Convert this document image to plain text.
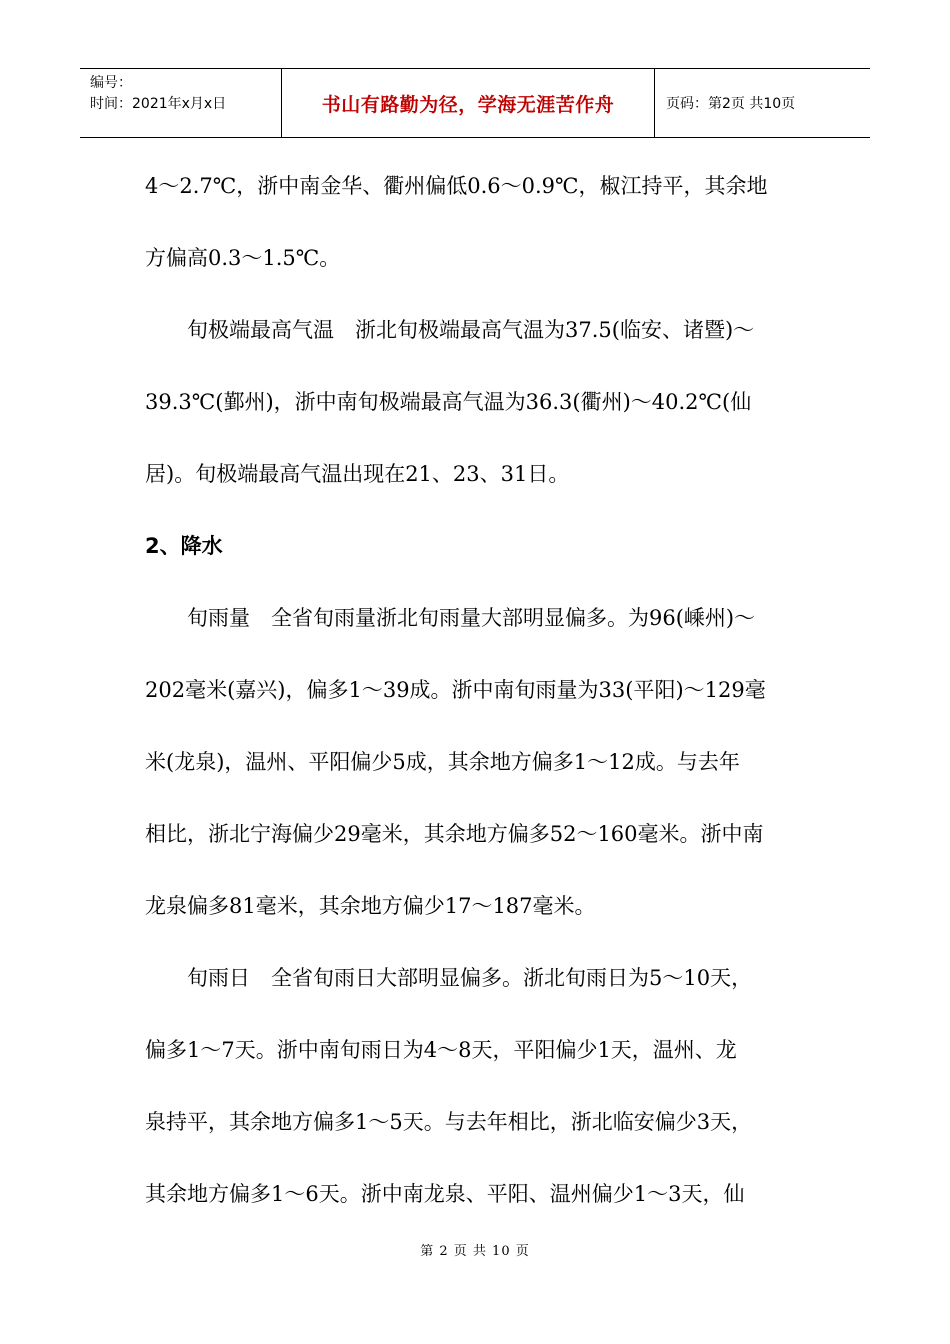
编号：
时间：2021年x月x日	书山有路勤为径，学海无涯苦作舟	页码：第2页 共10页
4～2.7℃，浙中南金华、衢州偏低0.6～0.9℃，椒江持平，其余地
方偏高0.3～1.5℃。
　　旬极端最高气温　浙北旬极端最高气温为37.5(临安、诸暨)～
39.3℃(鄞州)，浙中南旬极端最高气温为36.3(衢州)～40.2℃(仙
居)。旬极端最高气温出现在21、23、31日。
2、降水
　　旬雨量　全省旬雨量浙北旬雨量大部明显偏多。为96(嵊州)～
202毫米(嘉兴)，偏多1～39成。浙中南旬雨量为33(平阳)～129毫
米(龙泉)，温州、平阳偏少5成，其余地方偏多1～12成。与去年
相比，浙北宁海偏少29毫米，其余地方偏多52～160毫米。浙中南
龙泉偏多81毫米，其余地方偏少17～187毫米。
　　旬雨日　全省旬雨日大部明显偏多。浙北旬雨日为5～10天，
偏多1～7天。浙中南旬雨日为4～8天，平阳偏少1天，温州、龙
泉持平，其余地方偏多1～5天。与去年相比，浙北临安偏少3天，
其余地方偏多1～6天。浙中南龙泉、平阳、温州偏少1～3天，仙
第 2 页 共 10 页
